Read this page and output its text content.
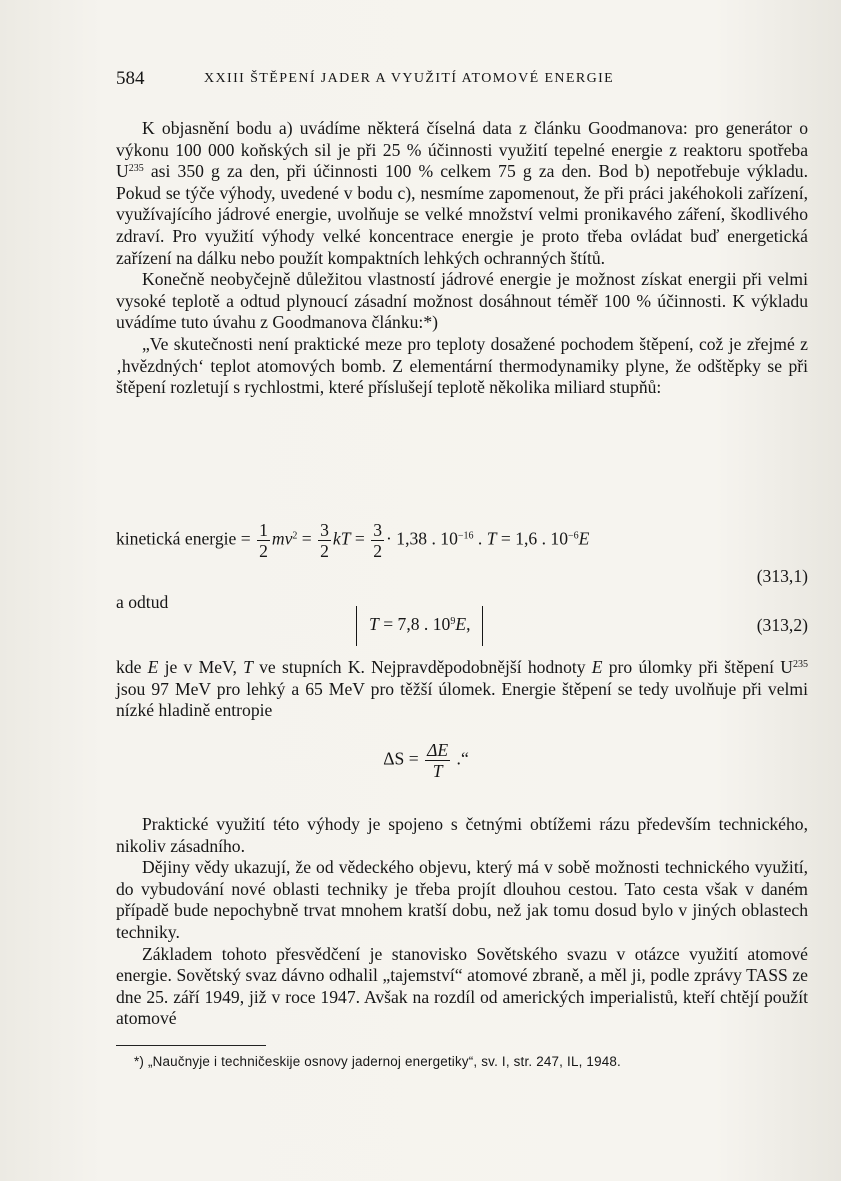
584	XXIII ŠTĚPENÍ JADER A VYUŽITÍ ATOMOVÉ ENERGIE

K objasnění bodu a) uvádíme některá číselná data z článku Goodmanova: pro generátor o výkonu 100 000 koňských sil je při 25 % účinnosti využití tepelné energie z reaktoru spotřeba $U^{235}$ asi 350 g za den, při účinnosti 100 % celkem 75 g za den. Bod b) nepotřebuje výkladu. Pokud se týče výhody, uvedené v bodu c), nesmíme zapomenout, že při práci jakéhokoli zařízení, využívajícího jádrové energie, uvolňuje se velké množství velmi pronikavého záření, škodlivého zdraví. Pro využití výhody velké koncentrace energie je proto třeba ovládat buď energetická zařízení na dálku nebo použít kompaktních lehkých ochranných štítů.

Konečně neobyčejně důležitou vlastností jádrové energie je možnost získat energii při velmi vysoké teplotě a odtud plynoucí zásadní možnost dosáhnout téměř 100 % účinnosti. K výkladu uvádíme tuto úvahu z Goodmanova článku:*)

„Ve skutečnosti není praktické meze pro teploty dosažené pochodem štěpení, což je zřejmé z ‚hvězdných‘ teplot atomových bomb. Z elementární thermodynamiky plyne, že odštěpky se při štěpení rozletují s rychlostmi, které příslušejí teplotě několika miliard stupňů:

kinetická energie = $\frac{1}{2} mv^2 = \frac{3}{2}$ kT = $\frac{3}{2} \cdot 1,38$ . $10^{-16}$ . T = 1,6 . $10^{-6}E$
(313,1)
a odtud
T = 7,8 . $10^9E$,	(313,2)

kde E je v MeV, T ve stupních K. Nejpravděpodobnější hodnoty E pro úlomky při štěpení $U^{235}$ jsou 97 MeV pro lehký a 65 MeV pro těžší úlomek. Energie štěpení se tedy uvolňuje při velmi nízké hladině entropie

$\Delta S = \frac{\Delta E}{T}$ .“

Praktické využití této výhody je spojeno s četnými obtížemi rázu především technického, nikoliv zásadního.

Dějiny vědy ukazují, že od vědeckého objevu, který má v sobě možnosti technického využití, do vybudování nové oblasti techniky je třeba projít dlouhou cestou. Tato cesta však v daném případě bude nepochybně trvat mnohem kratší dobu, než jak tomu dosud bylo v jiných oblastech techniky.

Základem tohoto přesvědčení je stanovisko Sovětského svazu v otázce využití atomové energie. Sovětský svaz dávno odhalil „tajemství“ atomové zbraně, a měl ji, podle zprávy TASS ze dne 25. září 1949, již v roce 1947. Avšak na rozdíl od amerických imperialistů, kteří chtějí použít atomové

*) „Naučnyje i techničeskije osnovy jadernoj energetiky“, sv. I, str. 247, IL, 1948.
